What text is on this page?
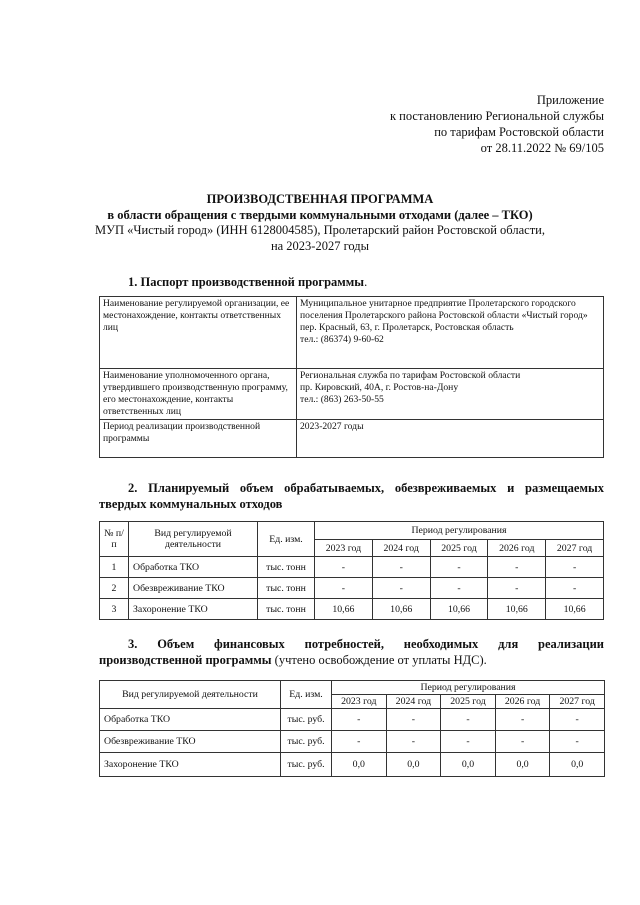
Приложение
к постановлению Региональной службы
по тарифам Ростовской области
от 28.11.2022 № 69/105
ПРОИЗВОДСТВЕННАЯ ПРОГРАММА
в области обращения с твердыми коммунальными отходами (далее – ТКО)
МУП «Чистый город» (ИНН 6128004585), Пролетарский район Ростовской области,
на 2023-2027 годы
1. Паспорт производственной программы.
Наименование регулируемой организации, ее местонахождение, контакты ответственных лиц	Муниципальное унитарное предприятие Пролетарского городского поселения Пролетарского района Ростовской области «Чистый город»
пер. Красный, 63, г. Пролетарск, Ростовская область
тел.: (86374) 9-60-62

Наименование уполномоченного органа, утвердившего производственную программу, его местонахождение, контакты ответственных лиц	Региональная служба по тарифам Ростовской области
пр. Кировский, 40А, г. Ростов-на-Дону
тел.: (863) 263-50-55

Период реализации производственной программы	2023-2027 годы
2. Планируемый объем обрабатываемых, обезвреживаемых и размещаемых
твердых коммунальных отходов
№ п/п	Вид регулируемой деятельности	Ед. изм.	Период регулирования				
			2023 год	2024 год	2025 год	2026 год	2027 год
1	Обработка ТКО	тыс. тонн	-	-	-	-	-
2	Обезвреживание ТКО	тыс. тонн	-	-	-	-	-
3	Захоронение ТКО	тыс. тонн	10,66	10,66	10,66	10,66	10,66
3. Объем финансовых потребностей, необходимых для реализации
производственной программы (учтено освобождение от уплаты НДС).
Вид регулируемой деятельности	Ед. изм.	Период регулирования				
		2023 год	2024 год	2025 год	2026 год	2027 год
Обработка ТКО	тыс. руб.	-	-	-	-	-
Обезвреживание ТКО	тыс. руб.	-	-	-	-	-
Захоронение ТКО	тыс. руб.	0,0	0,0	0,0	0,0	0,0
